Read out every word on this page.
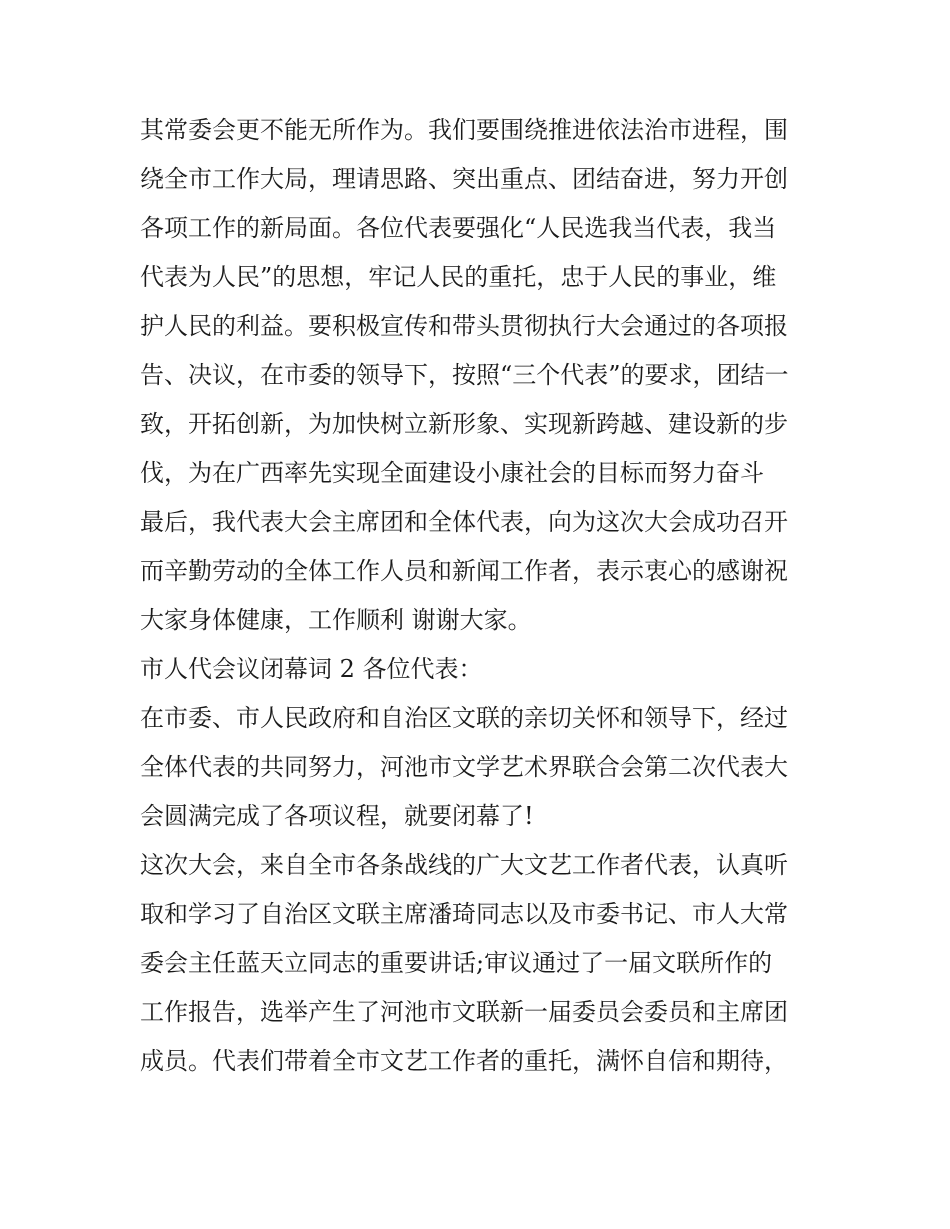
其常委会更不能无所作为。我们要围绕推进依法治市进程，围
绕全市工作大局，理请思路、突出重点、团结奋进，努力开创
各项工作的新局面。各位代表要强化“人民选我当代表，我当
代表为人民”的思想，牢记人民的重托，忠于人民的事业，维
护人民的利益。要积极宣传和带头贯彻执行大会通过的各项报
告、决议，在市委的领导下，按照“三个代表”的要求，团结一
致，开拓创新，为加快树立新形象、实现新跨越、建设新的步
伐，为在广西率先实现全面建设小康社会的目标而努力奋斗
最后，我代表大会主席团和全体代表，向为这次大会成功召开
而辛勤劳动的全体工作人员和新闻工作者，表示衷心的感谢祝
大家身体健康，工作顺利 谢谢大家。
市人代会议闭幕词 2 各位代表：
在市委、市人民政府和自治区文联的亲切关怀和领导下，经过
全体代表的共同努力，河池市文学艺术界联合会第二次代表大
会圆满完成了各项议程，就要闭幕了!
这次大会，来自全市各条战线的广大文艺工作者代表，认真听
取和学习了自治区文联主席潘琦同志以及市委书记、市人大常
委会主任蓝天立同志的重要讲话;审议通过了一届文联所作的
工作报告，选举产生了河池市文联新一届委员会委员和主席团
成员。代表们带着全市文艺工作者的重托，满怀自信和期待，
